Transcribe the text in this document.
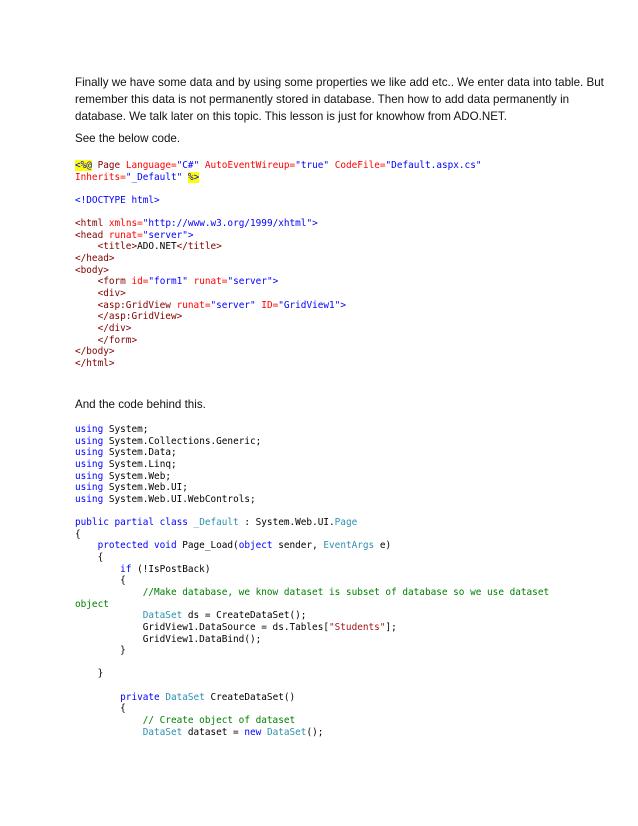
Finally we have some data and by using some properties we like add etc.. We enter data into table. But
remember this data is not permanently stored in database. Then how to add data permanently in
database. We talk later on this topic. This lesson is just for knowhow from ADO.NET.
See the below code.
<%@ Page Language="C#" AutoEventWireup="true" CodeFile="Default.aspx.cs"
Inherits="_Default" %>
<!DOCTYPE html>
<html xmlns="http://www.w3.org/1999/xhtml">
<head runat="server">
<title>ADO.NET</title>
</head>
<body>
<form id="form1" runat="server">
<div>
<asp:GridView runat="server" ID="GridView1">
</asp:GridView>
</div>
</form>
</body>
</html>
And the code behind this.
using System;
using System.Collections.Generic;
using System.Data;
using System.Linq;
using System.Web;
using System.Web.UI;
using System.Web.UI.WebControls;
public partial class _Default : System.Web.UI.Page
{
protected void Page_Load(object sender, EventArgs e)
{
if (!IsPostBack)
{
//Make database, we know dataset is subset of database so we use dataset
object
DataSet ds = CreateDataSet();
GridView1.DataSource = ds.Tables["Students"];
GridView1.DataBind();
}
}
private DataSet CreateDataSet()
{
// Create object of dataset
DataSet dataset = new DataSet();
